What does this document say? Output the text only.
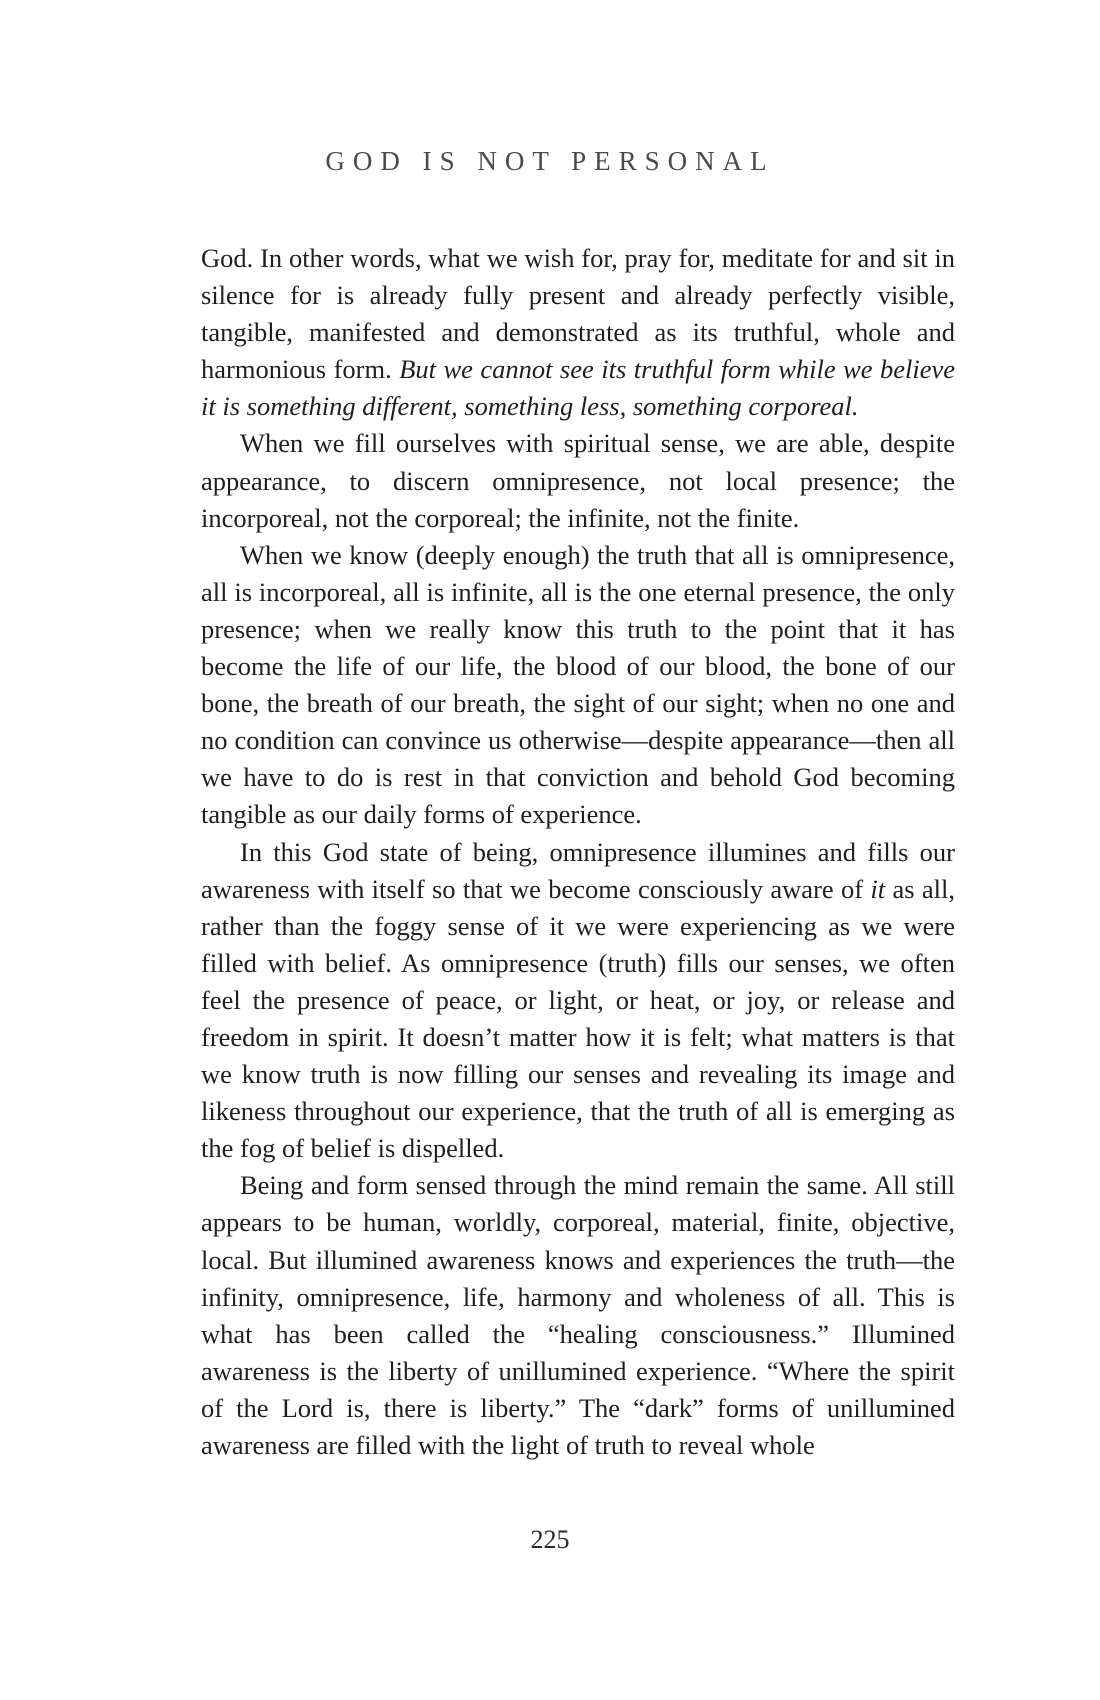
GOD IS NOT PERSONAL

God. In other words, what we wish for, pray for, meditate for and sit in silence for is already fully present and already perfectly visible, tangible, manifested and demonstrated as its truthful, whole and harmonious form. But we cannot see its truthful form while we believe it is something different, something less, something corporeal.

When we fill ourselves with spiritual sense, we are able, despite appearance, to discern omnipresence, not local presence; the incorporeal, not the corporeal; the infinite, not the finite.

When we know (deeply enough) the truth that all is omnipresence, all is incorporeal, all is infinite, all is the one eternal presence, the only presence; when we really know this truth to the point that it has become the life of our life, the blood of our blood, the bone of our bone, the breath of our breath, the sight of our sight; when no one and no condition can convince us otherwise—despite appearance—then all we have to do is rest in that conviction and behold God becoming tangible as our daily forms of experience.

In this God state of being, omnipresence illumines and fills our awareness with itself so that we become consciously aware of it as all, rather than the foggy sense of it we were experiencing as we were filled with belief. As omnipresence (truth) fills our senses, we often feel the presence of peace, or light, or heat, or joy, or release and freedom in spirit. It doesn’t matter how it is felt; what matters is that we know truth is now filling our senses and revealing its image and likeness throughout our experience, that the truth of all is emerging as the fog of belief is dispelled.

Being and form sensed through the mind remain the same. All still appears to be human, worldly, corporeal, material, finite, objective, local. But illumined awareness knows and experiences the truth—the infinity, omnipresence, life, harmony and wholeness of all. This is what has been called the “healing consciousness.” Illumined awareness is the liberty of unillumined experience. “Where the spirit of the Lord is, there is liberty.” The “dark” forms of unillumined awareness are filled with the light of truth to reveal whole

225
